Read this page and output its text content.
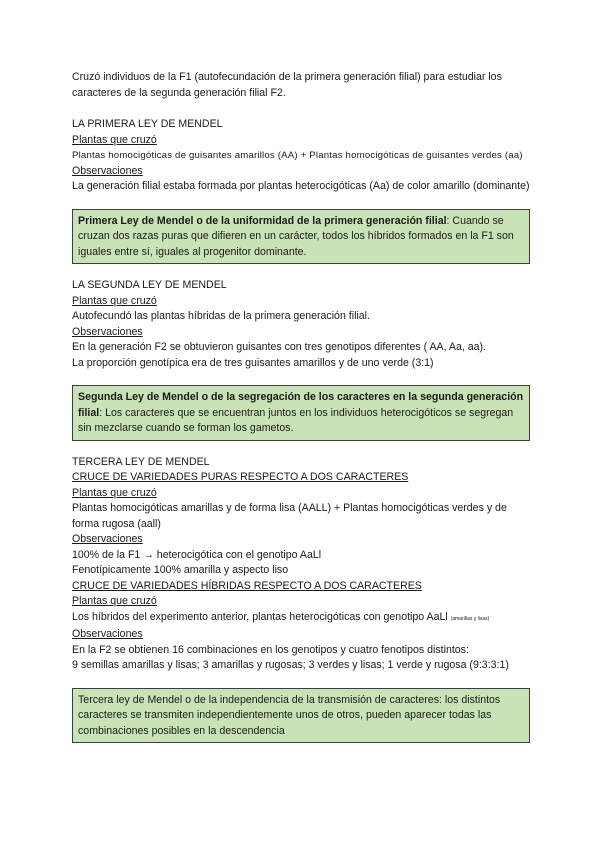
Cruzó individuos de la F1 (autofecundación de la primera generación filial) para estudiar los caracteres de la segunda generación filial F2.

LA PRIMERA LEY DE MENDEL

Plantas que cruzó

Plantas homocigóticas de guisantes amarillos (AA) + Plantas homocigóticas de guisantes verdes (aa)

Observaciones

La generación filial estaba formada por plantas heterocigóticas (Aa) de color amarillo (dominante)

Primera Ley de Mendel o de la uniformidad de la primera generación filial: Cuando se cruzan dos razas puras que difieren en un carácter, todos los híbridos formados en la F1 son iguales entre sí, iguales al progenitor dominante.

LA SEGUNDA LEY DE MENDEL

Plantas que cruzó

Autofecundó las plantas híbridas de la primera generación filial.

Observaciones

En la generación F2 se obtuvieron guisantes con tres genotipos diferentes ( AA, Aa, aa).

La proporción genotípica era de tres guisantes amarillos y de uno verde (3:1)

Segunda Ley de Mendel o de la segregación de los caracteres en la segunda generación filial: Los caracteres que se encuentran juntos en los individuos heterocigóticos se segregan sin mezclarse cuando se forman los gametos.

TERCERA LEY DE MENDEL

CRUCE DE VARIEDADES PURAS RESPECTO A DOS CARACTERES

Plantas que cruzó

Plantas homocigóticas amarillas y de forma lisa (AALL) + Plantas homocigóticas verdes y de forma rugosa (aall)

Observaciones

100% de la F1 → heterocigótica con el genotipo AaLl

Fenotípicamente 100% amarilla y aspecto liso

CRUCE DE VARIEDADES HÍBRIDAS RESPECTO A DOS CARACTERES

Plantas que cruzó

Los híbridos del experimento anterior, plantas heterocigóticas con genotipo AaLl (amarillas y lisas)

Observaciones

En la F2 se obtienen 16 combinaciones en los genotipos y cuatro fenotipos distintos:

9 semillas amarillas y lisas; 3 amarillas y rugosas; 3 verdes y lisas; 1 verde y rugosa (9:3:3:1)

Tercera ley de Mendel o de la independencia de la transmisión de caracteres: los distintos caracteres se transmiten independientemente unos de otros, pueden aparecer todas las combinaciones posibles en la descendencia
